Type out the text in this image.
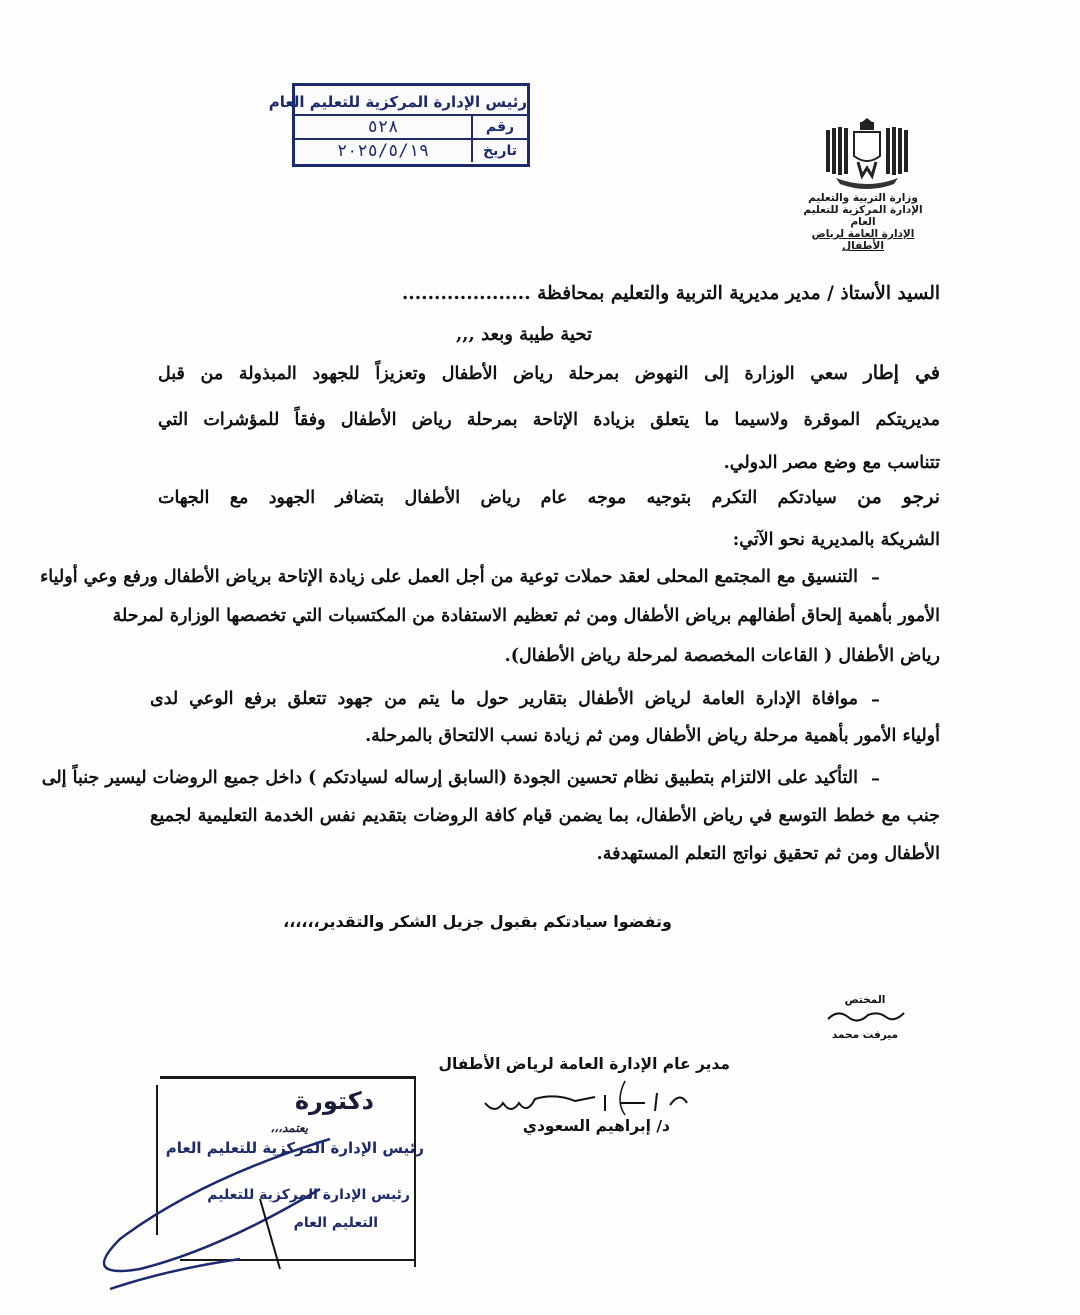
رئيس الإدارة المركزية للتعليم العام
رقم
٥٢٨
تاريخ
٢٠٢٥/٥/١٩
وزارة التربية والتعليم
الإدارة المركزية للتعليم العام
الإدارة العامة لرياض الأطفال
السيد الأستاذ / مدير مديرية التربية والتعليم بمحافظة ....................
تحية طيبة وبعد ,,,
في إطار سعي الوزارة إلى النهوض بمرحلة رياض الأطفال وتعزيزاً للجهود المبذولة من قبل
مديريتكم الموقرة ولاسيما ما يتعلق بزيادة الإتاحة بمرحلة رياض الأطفال وفقاً للمؤشرات التي
تتناسب مع وضع مصر الدولي.
نرجو من سيادتكم التكرم بتوجيه موجه عام رياض الأطفال بتضافر الجهود مع الجهات
الشريكة بالمديرية نحو الآتي:
–
التنسيق مع المجتمع المحلى لعقد حملات توعية من أجل العمل على زيادة الإتاحة برياض الأطفال ورفع وعي أولياء
الأمور بأهمية إلحاق أطفالهم برياض الأطفال ومن ثم تعظيم الاستفادة من المكتسبات التي تخصصها الوزارة لمرحلة
رياض الأطفال ( القاعات المخصصة لمرحلة رياض الأطفال).
–
موافاة الإدارة العامة لرياض الأطفال بتقارير حول ما يتم من جهود تتعلق برفع الوعي لدى
أولياء الأمور بأهمية مرحلة رياض الأطفال ومن ثم زيادة نسب الالتحاق بالمرحلة.
–
التأكيد على الالتزام بتطبيق نظام تحسين الجودة (السابق إرساله لسيادتكم ) داخل جميع الروضات ليسير جنباً إلى
جنب مع خطط التوسع في رياض الأطفال، بما يضمن قيام كافة الروضات بتقديم نفس الخدمة التعليمية لجميع
الأطفال ومن ثم تحقيق نواتج التعلم المستهدفة.
وتفضوا سيادتكم بقبول جزيل الشكر والتقدير،،،،،،
المختص
ميرفت محمد
مدير عام الإدارة العامة لرياض الأطفال
د/ إبراهيم السعودي
دكتورة
يعتمد،،،
رئيس الإدارة المركزية للتعليم العام
رئيس الإدارة المركزية للتعليم
التعليم العام
